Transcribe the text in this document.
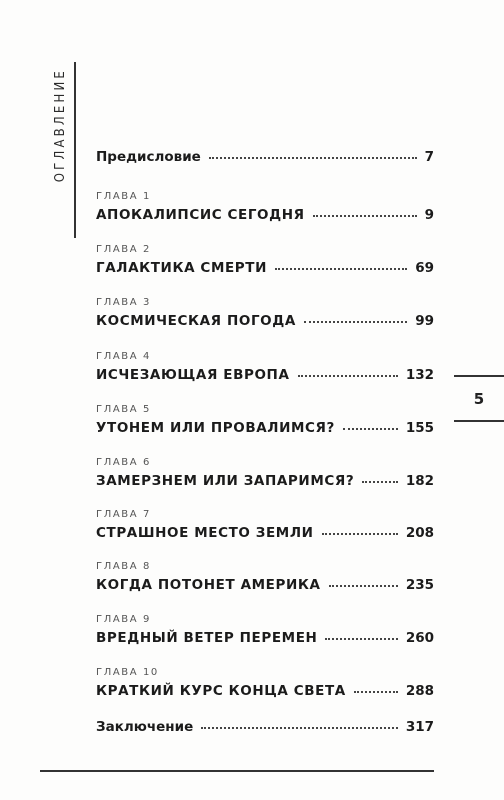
ОГЛАВЛЕНИЕ
5
Предисловие	7
ГЛАВА 1
АПОКАЛИПСИС СЕГОДНЯ	9
ГЛАВА 2
ГАЛАКТИКА СМЕРТИ	69
ГЛАВА 3
КОСМИЧЕСКАЯ ПОГОДА	99
ГЛАВА 4
ИСЧЕЗАЮЩАЯ ЕВРОПА	132
ГЛАВА 5
УТОНЕМ ИЛИ ПРОВАЛИМСЯ?	155
ГЛАВА 6
ЗАМЕРЗНЕМ ИЛИ ЗАПАРИМСЯ?	182
ГЛАВА 7
СТРАШНОЕ МЕСТО ЗЕМЛИ	208
ГЛАВА 8
КОГДА ПОТОНЕТ АМЕРИКА	235
ГЛАВА 9
ВРЕДНЫЙ ВЕТЕР ПЕРЕМЕН	260
ГЛАВА 10
КРАТКИЙ КУРС КОНЦА СВЕТА	288
Заключение	317
